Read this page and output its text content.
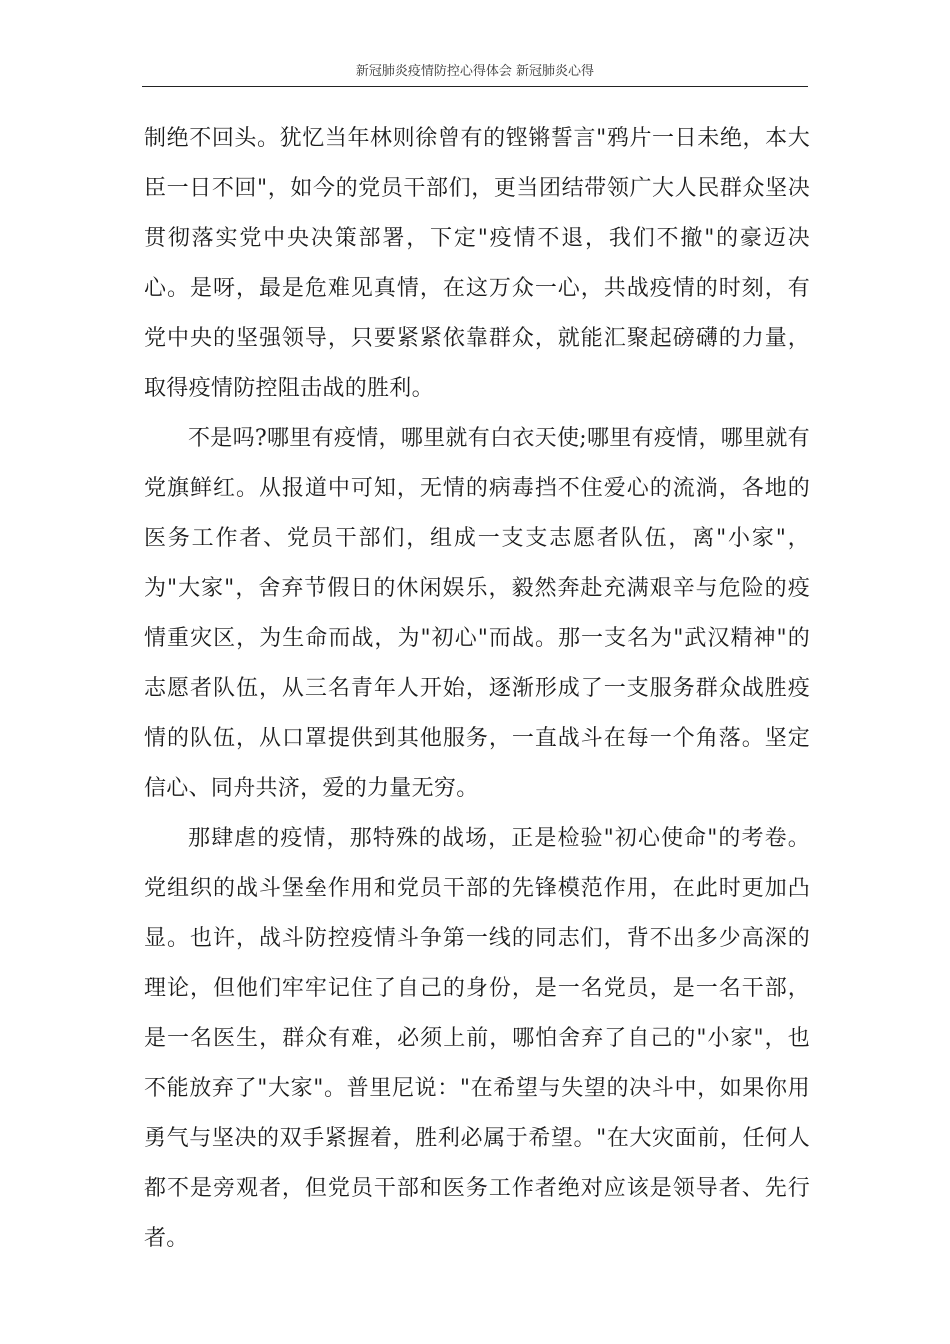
新冠肺炎疫情防控心得体会 新冠肺炎心得

制绝不回头。犹忆当年林则徐曾有的铿锵誓言"鸦片一日未绝，本大臣一日不回"，如今的党员干部们，更当团结带领广大人民群众坚决贯彻落实党中央决策部署，下定"疫情不退，我们不撤"的豪迈决心。是呀，最是危难见真情，在这万众一心，共战疫情的时刻，有党中央的坚强领导，只要紧紧依靠群众，就能汇聚起磅礴的力量，取得疫情防控阻击战的胜利。

不是吗?哪里有疫情，哪里就有白衣天使;哪里有疫情，哪里就有党旗鲜红。从报道中可知，无情的病毒挡不住爱心的流淌，各地的医务工作者、党员干部们，组成一支支志愿者队伍，离"小家"，为"大家"，舍弃节假日的休闲娱乐，毅然奔赴充满艰辛与危险的疫情重灾区，为生命而战，为"初心"而战。那一支名为"武汉精神"的志愿者队伍，从三名青年人开始，逐渐形成了一支服务群众战胜疫情的队伍，从口罩提供到其他服务，一直战斗在每一个角落。坚定信心、同舟共济，爱的力量无穷。

那肆虐的疫情，那特殊的战场，正是检验"初心使命"的考卷。党组织的战斗堡垒作用和党员干部的先锋模范作用，在此时更加凸显。也许，战斗防控疫情斗争第一线的同志们，背不出多少高深的理论，但他们牢牢记住了自己的身份，是一名党员，是一名干部，是一名医生，群众有难，必须上前，哪怕舍弃了自己的"小家"，也不能放弃了"大家"。普里尼说："在希望与失望的决斗中，如果你用勇气与坚决的双手紧握着，胜利必属于希望。"在大灾面前，任何人都不是旁观者，但党员干部和医务工作者绝对应该是领导者、先行者。
